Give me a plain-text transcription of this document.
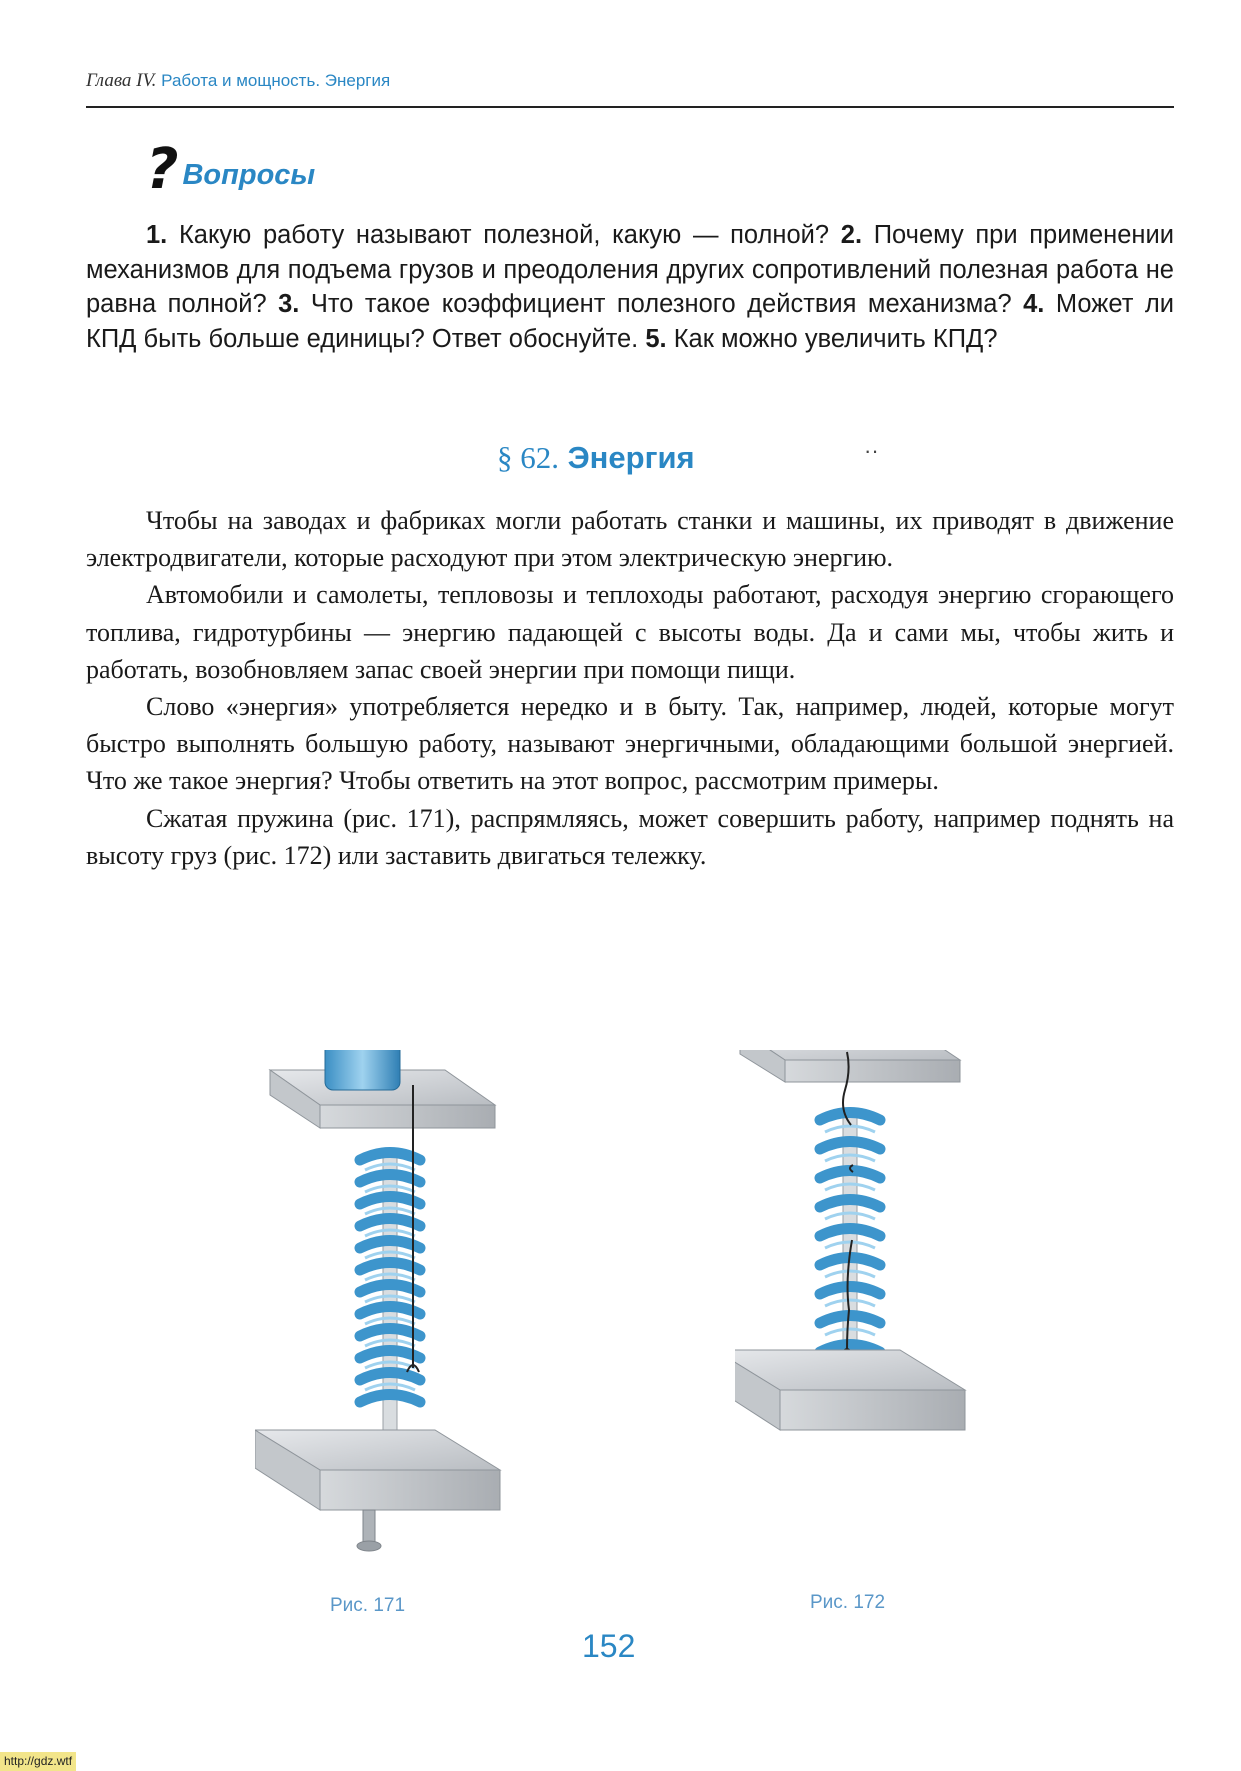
Глава IV. Работа и мощность. Энергия
? Вопросы

1. Какую работу называют полезной, какую — полной? 2. Почему при применении механизмов для подъема грузов и преодоления других сопротивлений полезная работа не равна полной? 3. Что такое коэффициент полезного действия механизма? 4. Может ли КПД быть больше единицы? Ответ обоснуйте. 5. Как можно увеличить КПД?

§ 62. Энергия	··

Чтобы на заводах и фабриках могли работать станки и машины, их приводят в движение электродвигатели, которые расходуют при этом электрическую энергию.

Автомобили и самолеты, тепловозы и теплоходы работают, расходуя энергию сгорающего топлива, гидротурбины — энергию падающей с высоты воды. Да и сами мы, чтобы жить и работать, возобновляем запас своей энергии при помощи пищи.

Слово «энергия» употребляется нередко и в быту. Так, например, людей, которые могут быстро выполнять большую работу, называют энергичными, обладающими большой энергией. Что же такое энергия? Чтобы ответить на этот вопрос, рассмотрим примеры.

Сжатая пружина (рис. 171), распрямляясь, может совершить работу, например поднять на высоту груз (рис. 172) или заставить двигаться тележку.

Рис. 171	Рис. 172
152
http://gdz.wtf
